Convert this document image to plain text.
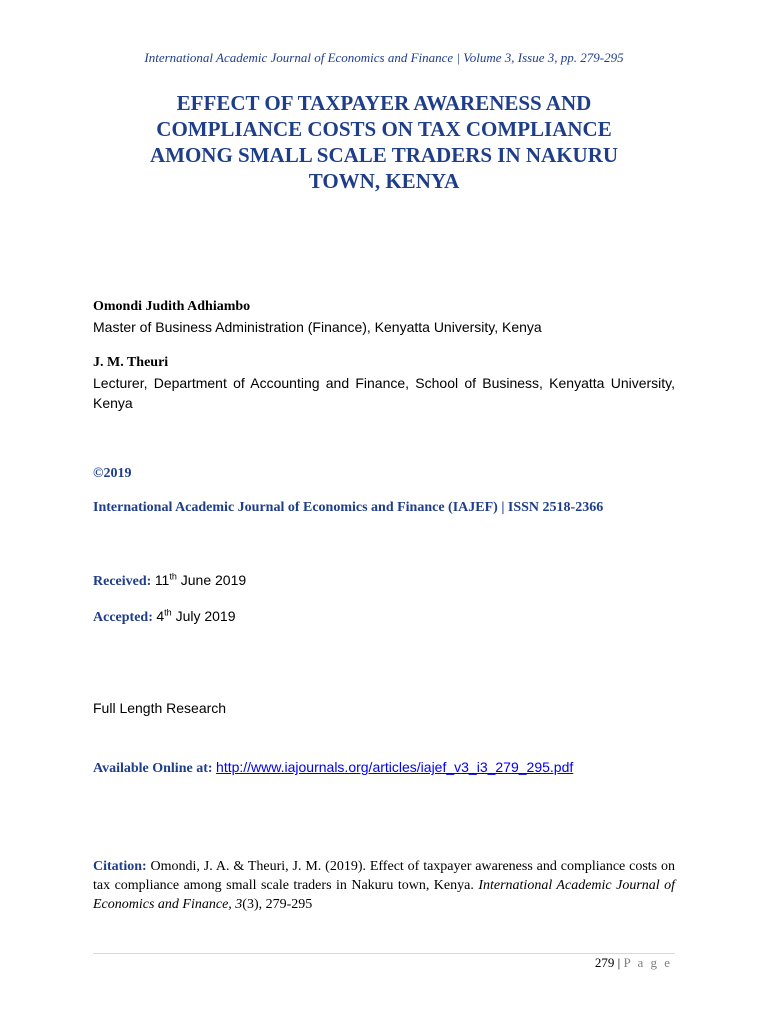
International Academic Journal of Economics and Finance | Volume 3, Issue 3, pp. 279-295
EFFECT OF TAXPAYER AWARENESS AND
COMPLIANCE COSTS ON TAX COMPLIANCE
AMONG SMALL SCALE TRADERS IN NAKURU
TOWN, KENYA
Omondi Judith Adhiambo
Master of Business Administration (Finance), Kenyatta University, Kenya
J. M. Theuri
Lecturer, Department of Accounting and Finance, School of Business, Kenyatta University, Kenya
©2019
International Academic Journal of Economics and Finance (IAJEF) | ISSN 2518-2366
Received: 11th June 2019
Accepted: 4th July 2019
Full Length Research
Available Online at: http://www.iajournals.org/articles/iajef_v3_i3_279_295.pdf
Citation: Omondi, J. A. & Theuri, J. M. (2019). Effect of taxpayer awareness and compliance costs on tax compliance among small scale traders in Nakuru town, Kenya. International Academic Journal of Economics and Finance, 3(3), 279-295
279 | P a g e
